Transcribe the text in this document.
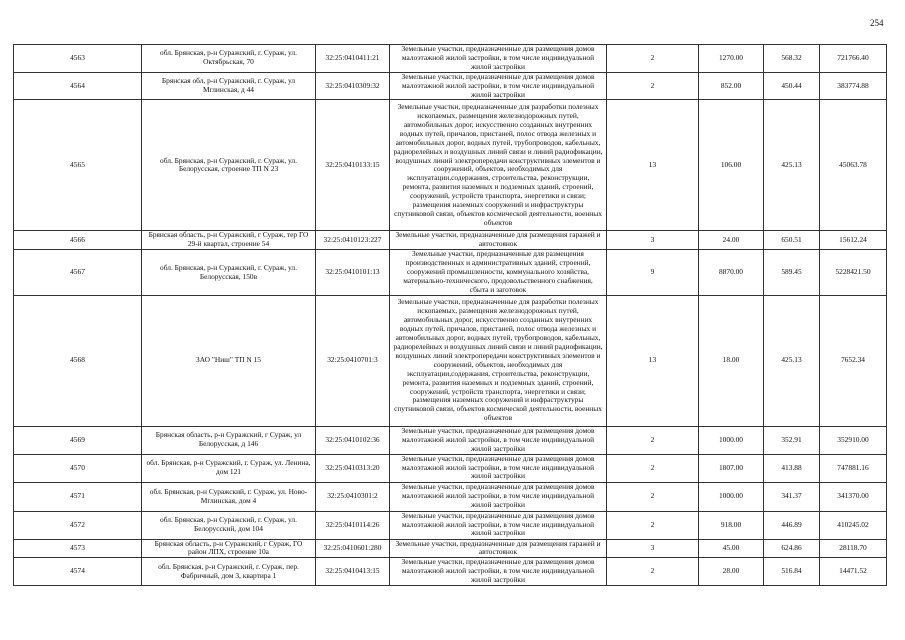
254
4563	обл. Брянская, р-н Суражский, г. Сураж, ул. Октябрьская, 70	32:25:0410411:21	Земельные участки, предназначенные для размещения домов малоэтажной жилой застройки, в том числе индивидуальной жилой застройки	2	1270.00	568.32	721766.40
4564	Брянская обл, р-н Суражский, г. Сураж, ул Мглинская, д 44	32:25:0410309:32	Земельные участки, предназначенные для размещения домов малоэтажной жилой застройки, в том числе индивидуальной жилой застройки	2	852.00	450.44	383774.88
4565	обл. Брянская, р-н Суражский, г. Сураж, ул. Белорусская, строение ТП N 23	32:25:0410133:15	Земельные участки, предназначенные для разработки полезных ископаемых, размещения железнодорожных путей, автомобильных дорог, искусственно созданных внутренних водных путей, причалов, пристаней, полос отвода железных и автомобильных дорог, водных путей, трубопроводов, кабельных, радиорелейных и воздушных линий связи и линий радиофикации, воздушных линий электропередачи конструктивных элементов и сооружений, объектов, необходимых для эксплуатации,содержания, строительства, реконструкции, ремонта, развития наземных и подземных зданий, строений, сооружений, устройств транспорта, энергетики и связи; размещения наземных сооружений и инфраструктуры спутниковой связи, объектов космической деятельности, военных объектов	13	106.00	425.13	45063.78
4566	Брянская область, р-н Суражский, г Сураж, тер ГО 29-й квартал, строение 54	32:25:0410123:227	Земельные участки, предназначенные для размещения гаражей и автостоянок	3	24.00	650.51	15612.24
4567	обл. Брянская, р-н Суражский, г. Сураж, ул. Белорусская, 150в	32:25:0410101:13	Земельные участки, предназначенные для размещения производственных и административных зданий, строений, сооружений промышленности, коммунального хозяйства, материально-технического, продовольственного снабжения, сбыта и заготовок	9	8870.00	589.45	5228421.50
4568	ЗАО "Ниш" ТП N 15	32:25:0410701:3	Земельные участки, предназначенные для разработки полезных ископаемых, размещения железнодорожных путей, автомобильных дорог, искусственно созданных внутренних водных путей, причалов, пристаней, полос отвода железных и автомобильных дорог, водных путей, трубопроводов, кабельных, радиорелейных и воздушных линий связи и линий радиофикации, воздушных линий электропередачи конструктивных элементов и сооружений, объектов, необходимых для эксплуатации,содержания, строительства, реконструкции, ремонта, развития наземных и подземных зданий, строений, сооружений, устройств транспорта, энергетики и связи; размещения наземных сооружений и инфраструктуры спутниковой связи, объектов космической деятельности, военных объектов	13	18.00	425.13	7652.34
4569	Брянская область, р-н Суражский, г Сураж, ул Белорусская, д 146	32:25:0410102:36	Земельные участки, предназначенные для размещения домов малоэтажной жилой застройки, в том числе индивидуальной жилой застройки	2	1000.00	352.91	352910.00
4570	обл. Брянская, р-н Суражский, г. Сураж, ул. Ленина, дом 121	32:25:0410313:20	Земельные участки, предназначенные для размещения домов малоэтажной жилой застройки, в том числе индивидуальной жилой застройки	2	1807.00	413.88	747881.16
4571	обл. Брянская, р-н Суражский, г. Сураж, ул. Ново-Мглинская, дом 4	32:25:0410301:2	Земельные участки, предназначенные для размещения домов малоэтажной жилой застройки, в том числе индивидуальной жилой застройки	2	1000.00	341.37	341370.00
4572	обл. Брянская, р-н Суражский, г. Сураж, ул. Белорусский, дом 104	32:25:0410114:26	Земельные участки, предназначенные для размещения домов малоэтажной жилой застройки, в том числе индивидуальной жилой застройки	2	918.00	446.89	410245.02
4573	Брянская область, р-н Суражский, г Сураж, ГО район ЛПХ, строение 10а	32:25:0410601:280	Земельные участки, предназначенные для размещения гаражей и автостоянок	3	45.00	624.86	28118.70
4574	обл. Брянская, р-н Суражский, г. Сураж, пер. Фабричный, дом 3, квартира 1	32:25:0410413:15	Земельные участки, предназначенные для размещения домов малоэтажной жилой застройки, в том числе индивидуальной жилой застройки	2	28.00	516.84	14471.52
